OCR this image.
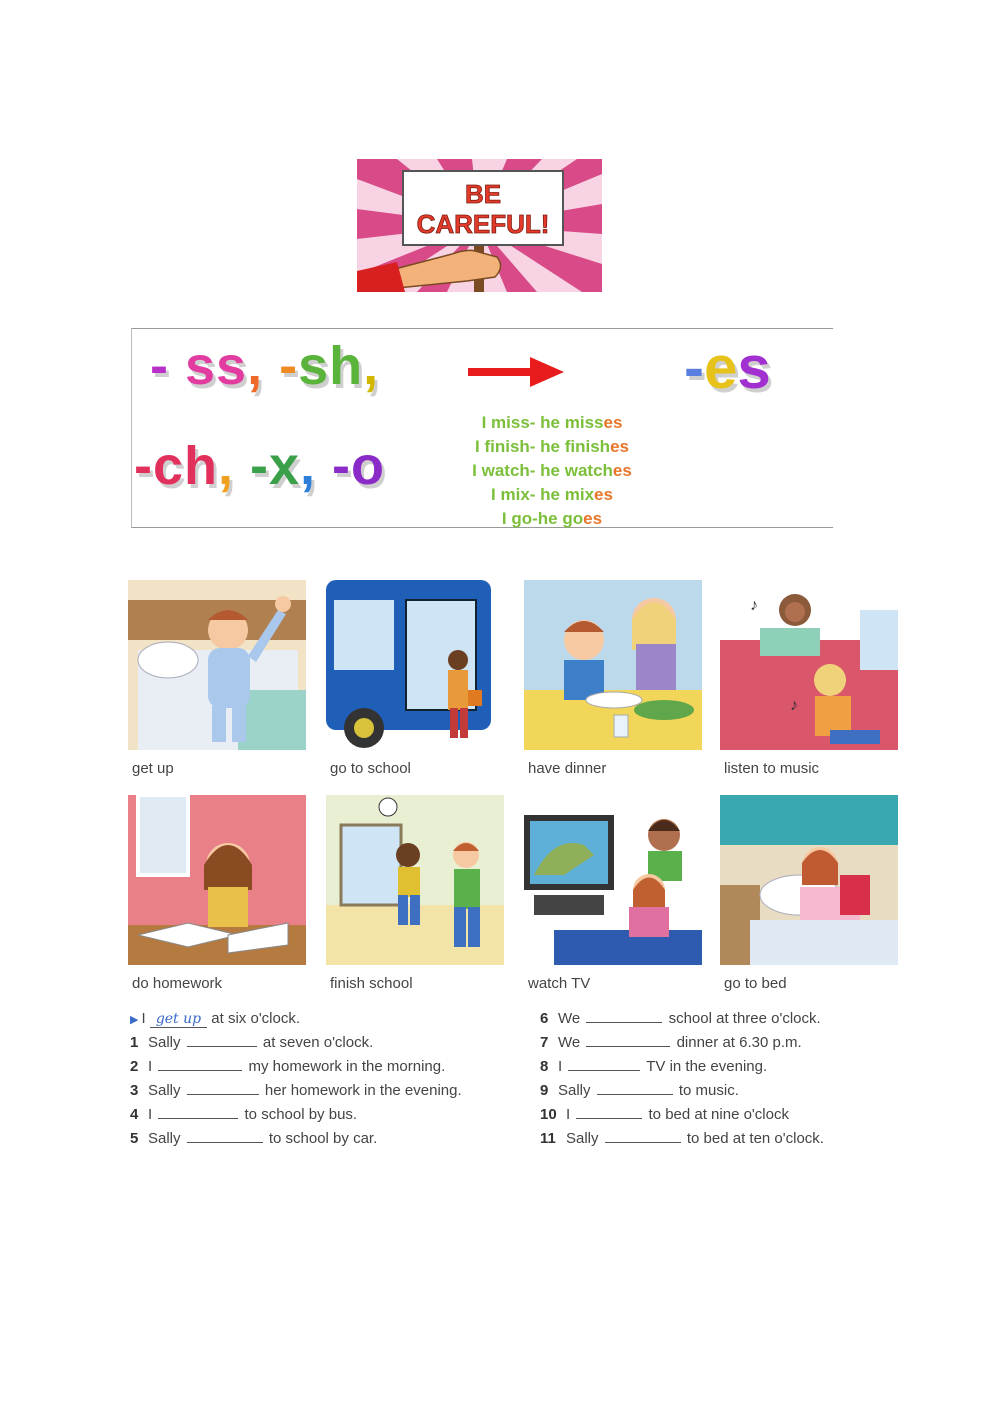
BE
CAREFUL!
- ss, -sh,
-ch, -x, -o
-es
I miss- he misses
I finish- he finishes
I watch- he watches
I mix- he mixes
I go-he goes
get up	go to school	have dinner
♪
♪
listen to music
do homework	finish school	watch TV	go to bed
▶ I get up at six o'clock.
1 Sally	at seven o'clock.
2 I	my homework in the morning.
3 Sally	her homework in the evening.
4 I	to school by bus.
5 Sally	to school by car.
6 We	school at three o'clock.
7 We	dinner at 6.30 p.m.
8 I	TV in the evening.
9 Sally	to music.
10 I	to bed at nine o'clock
11 Sally	to bed at ten o'clock.
